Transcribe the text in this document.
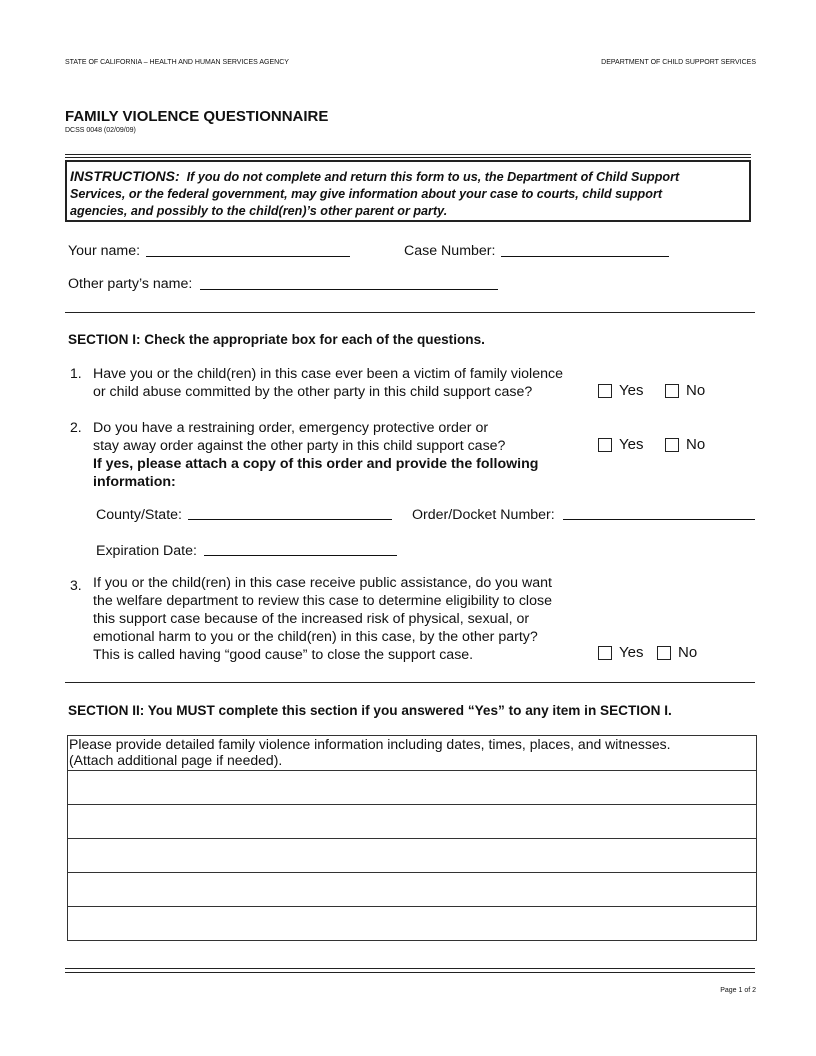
STATE OF CALIFORNIA – HEALTH AND HUMAN SERVICES AGENCY	DEPARTMENT OF CHILD SUPPORT SERVICES
FAMILY VIOLENCE QUESTIONNAIRE
DCSS 0048 (02/09/09)
INSTRUCTIONS: If you do not complete and return this form to us, the Department of Child Support
Services, or the federal government, may give information about your case to courts, child support
agencies, and possibly to the child(ren)’s other parent or party.
Your name:	Case Number:
Other party’s name:
SECTION I: Check the appropriate box for each of the questions.
1. Have you or the child(ren) in this case ever been a victim of family violence
or child abuse committed by the other party in this child support case?	Yes	No
2. Do you have a restraining order, emergency protective order or
stay away order against the other party in this child support case?
If yes, please attach a copy of this order and provide the following
information:
Yes	No
County/State:	Order/Docket Number:
Expiration Date:
3. If you or the child(ren) in this case receive public assistance, do you want
the welfare department to review this case to determine eligibility to close
this support case because of the increased risk of physical, sexual, or
emotional harm to you or the child(ren) in this case, by the other party?
This is called having “good cause” to close the support case.	Yes No
SECTION II: You MUST complete this section if you answered “Yes” to any item in SECTION I.
Please provide detailed family violence information including dates, times, places, and witnesses.
(Attach additional page if needed).

Page 1 of 2
